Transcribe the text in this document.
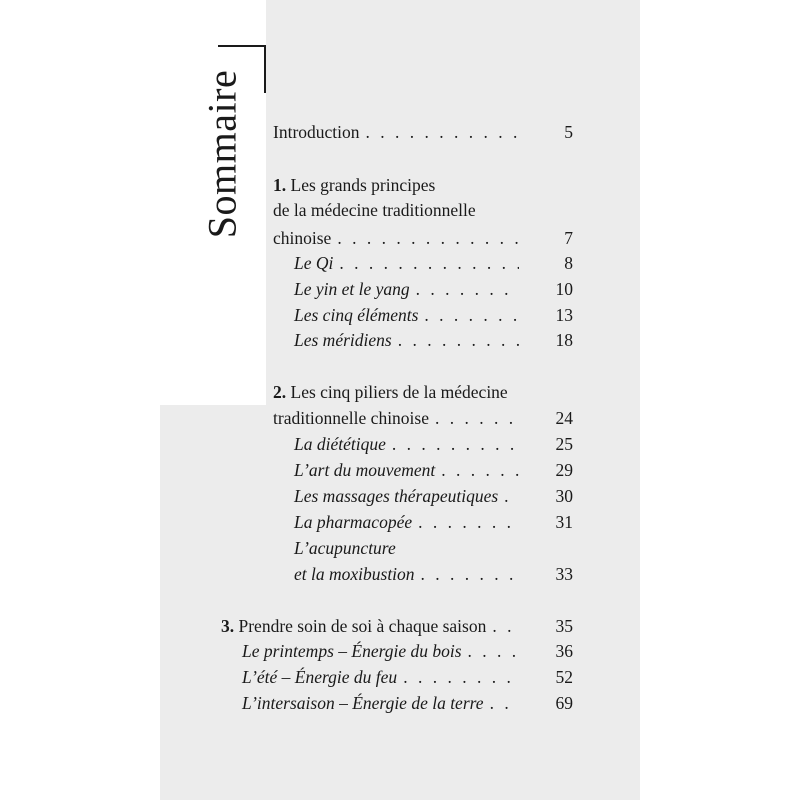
Sommaire Introduction . . .	5
1. Les grands principes
de la médecine traditionnelle
chinoise . . .	7
Le Qi . . .	8
Le yin et le yang . . .	10
Les cinq éléments . . .	13
Les méridiens . . .	18
2. Les cinq piliers de la médecine
traditionnelle chinoise . . .	24
La diététique . . .	25
L’art du mouvement . . .	29
Les massages thérapeutiques . . .	30
La pharmacopée . . .	31
L’acupuncture
et la moxibustion . . .	33
3. Prendre soin de soi à chaque saison . . .	35
Le printemps – Énergie du bois . . .	36
L’été – Énergie du feu . . .	52
L’intersaison – Énergie de la terre . . .	69
